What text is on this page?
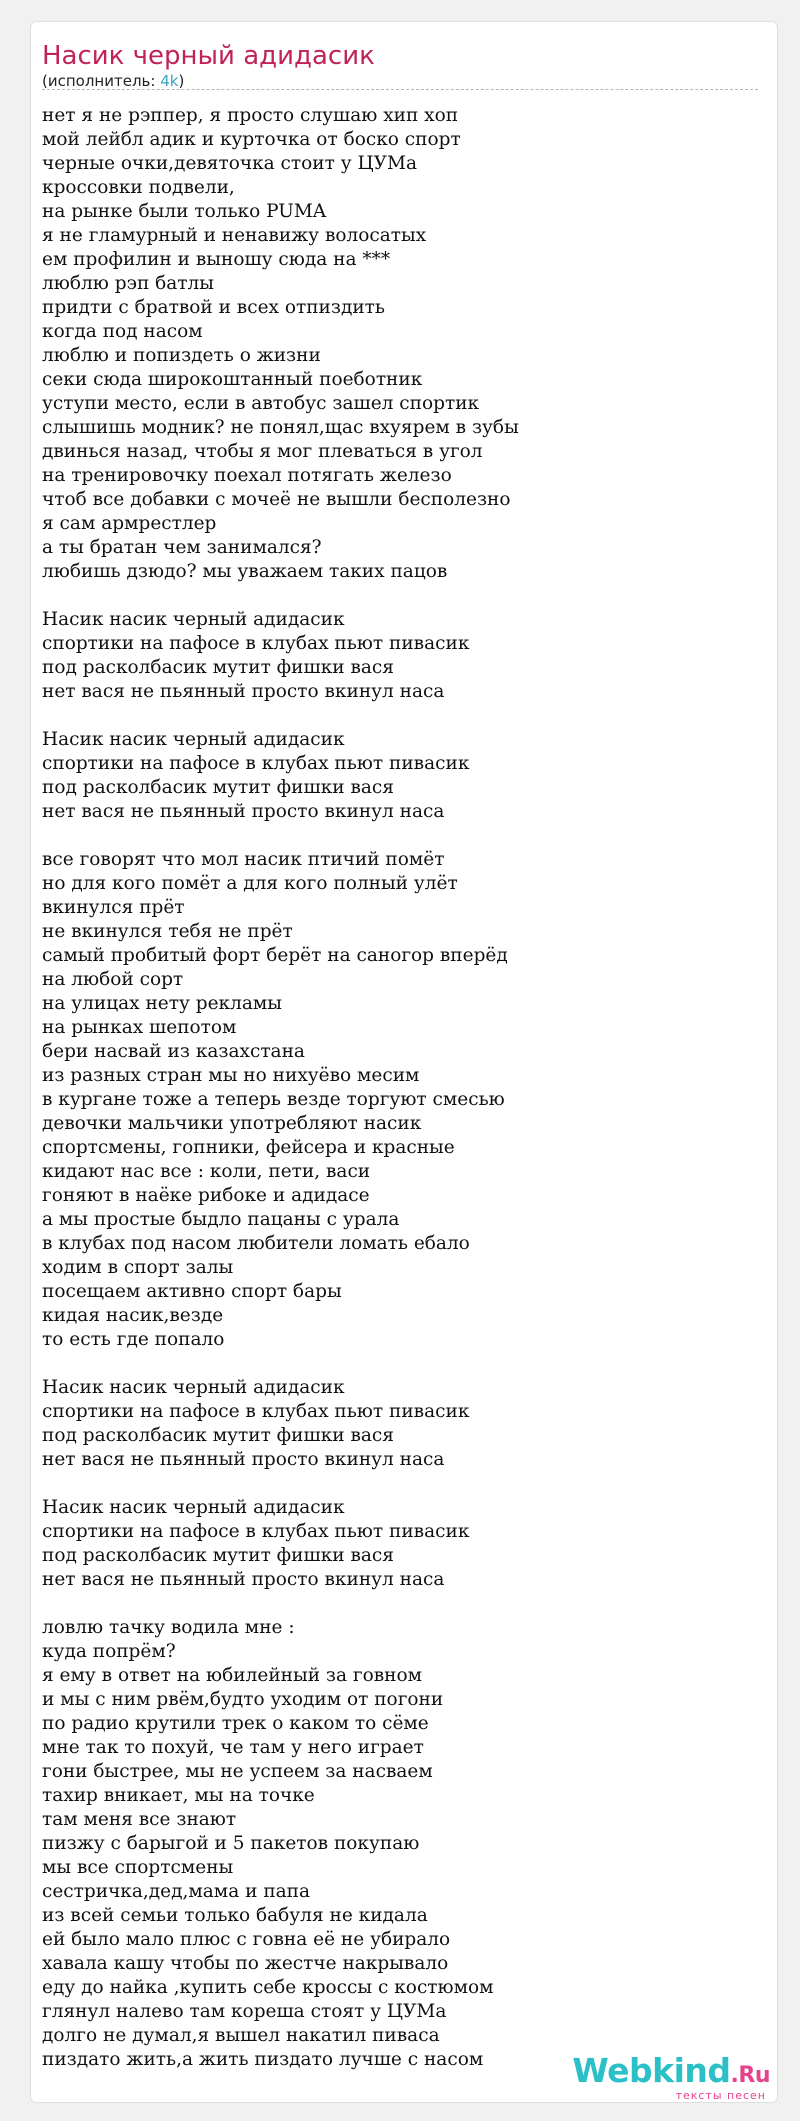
Насик черный адидасик
(исполнитель: 4k)
нет я не рэппер, я просто слушаю хип хоп
мой лейбл адик и курточка от боско спорт
черные очки,девяточка стоит у ЦУМа
кроссовки подвели,
на рынке были только PUMA
я не гламурный и ненавижу волосатых
ем профилин и выношу сюда на ***
люблю рэп батлы
придти с братвой и всех отпиздить
когда под насом
люблю и попиздеть о жизни
секи сюда широкоштанный поеботник
уступи место, если в автобус зашел спортик
слышишь модник? не понял,щас вхуярем в зубы
двинься назад, чтобы я мог плеваться в угол
на тренировочку поехал потягать железо
чтоб все добавки с мочеё не вышли бесполезно
я сам армрестлер
а ты братан чем занимался?
любишь дзюдо? мы уважаем таких пацов
Насик насик черный адидасик
спортики на пафосе в клубах пьют пивасик
под расколбасик мутит фишки вася
нет вася не пьянный просто вкинул наса
Насик насик черный адидасик
спортики на пафосе в клубах пьют пивасик
под расколбасик мутит фишки вася
нет вася не пьянный просто вкинул наса
все говорят что мол насик птичий помёт
но для кого помёт а для кого полный улёт
вкинулся прёт
не вкинулся тебя не прёт
самый пробитый форт берёт на саногор вперёд
на любой сорт
на улицах нету рекламы
на рынках шепотом
бери насвай из казахстана
из разных стран мы но нихуёво месим
в кургане тоже а теперь везде торгуют смесью
девочки мальчики употребляют насик
спортсмены, гопники, фейсера и красные
кидают нас все : коли, пети, васи
гоняют в наёке рибоке и адидасе
а мы простые быдло пацаны с урала
в клубах под насом любители ломать ебало
ходим в спорт залы
посещаем активно спорт бары
кидая насик,везде
то есть где попало
Насик насик черный адидасик
спортики на пафосе в клубах пьют пивасик
под расколбасик мутит фишки вася
нет вася не пьянный просто вкинул наса
Насик насик черный адидасик
спортики на пафосе в клубах пьют пивасик
под расколбасик мутит фишки вася
нет вася не пьянный просто вкинул наса
ловлю тачку водила мне :
куда попрём?
я ему в ответ на юбилейный за говном
и мы с ним рвём,будто уходим от погони
по радио крутили трек о каком то сёме
мне так то похуй, че там у него играет
гони быстрее, мы не успеем за насваем
тахир вникает, мы на точке
там меня все знают
пизжу с барыгой и 5 пакетов покупаю
мы все спортсмены
сестричка,дед,мама и папа
из всей семьи только бабуля не кидала
ей было мало плюс с говна её не убирало
хавала кашу чтобы по жестче накрывало
еду до найка ,купить себе кроссы с костюмом
глянул налево там кореша стоят у ЦУМа
долго не думал,я вышел накатил пиваса
пиздато жить,а жить пиздато лучше с насом	Webkind.Ru
тексты песен
